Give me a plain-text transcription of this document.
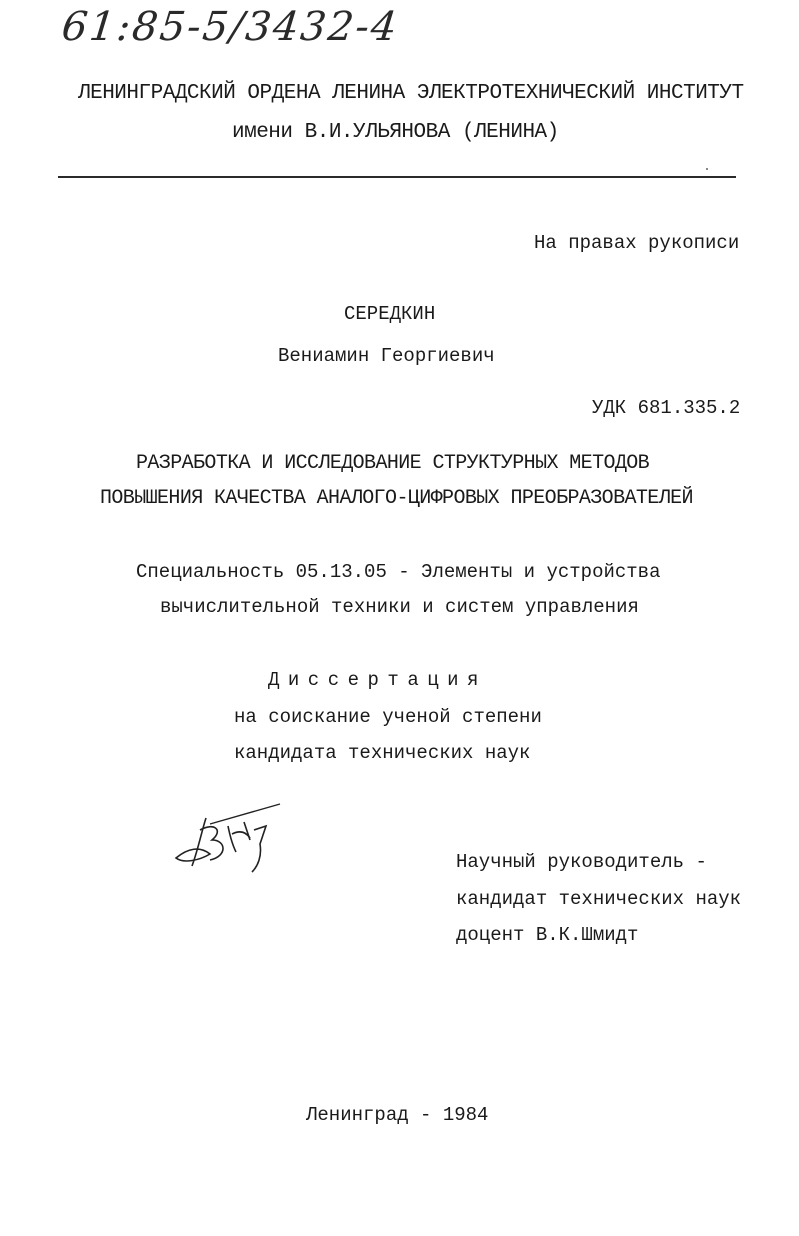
61:85-5/3432-4
ЛЕНИНГРАДСКИЙ ОРДЕНА ЛЕНИНА ЭЛЕКТРОТЕХНИЧЕСКИЙ ИНСТИТУТ
имени В.И.УЛЬЯНОВА (ЛЕНИНА)
На правах рукописи
СЕРЕДКИН
Вениамин Георгиевич
УДК 681.335.2
РАЗРАБОТКА И ИССЛЕДОВАНИЕ СТРУКТУРНЫХ МЕТОДОВ
ПОВЫШЕНИЯ КАЧЕСТВА АНАЛОГО-ЦИФРОВЫХ ПРЕОБРАЗОВАТЕЛЕЙ
Специальность 05.13.05 - Элементы и устройства
вычислительной техники и систем управления
Диссертация
на соискание ученой степени
кандидата технических наук
Научный руководитель -
кандидат технических наук
доцент В.К.Шмидт
Ленинград - 1984
